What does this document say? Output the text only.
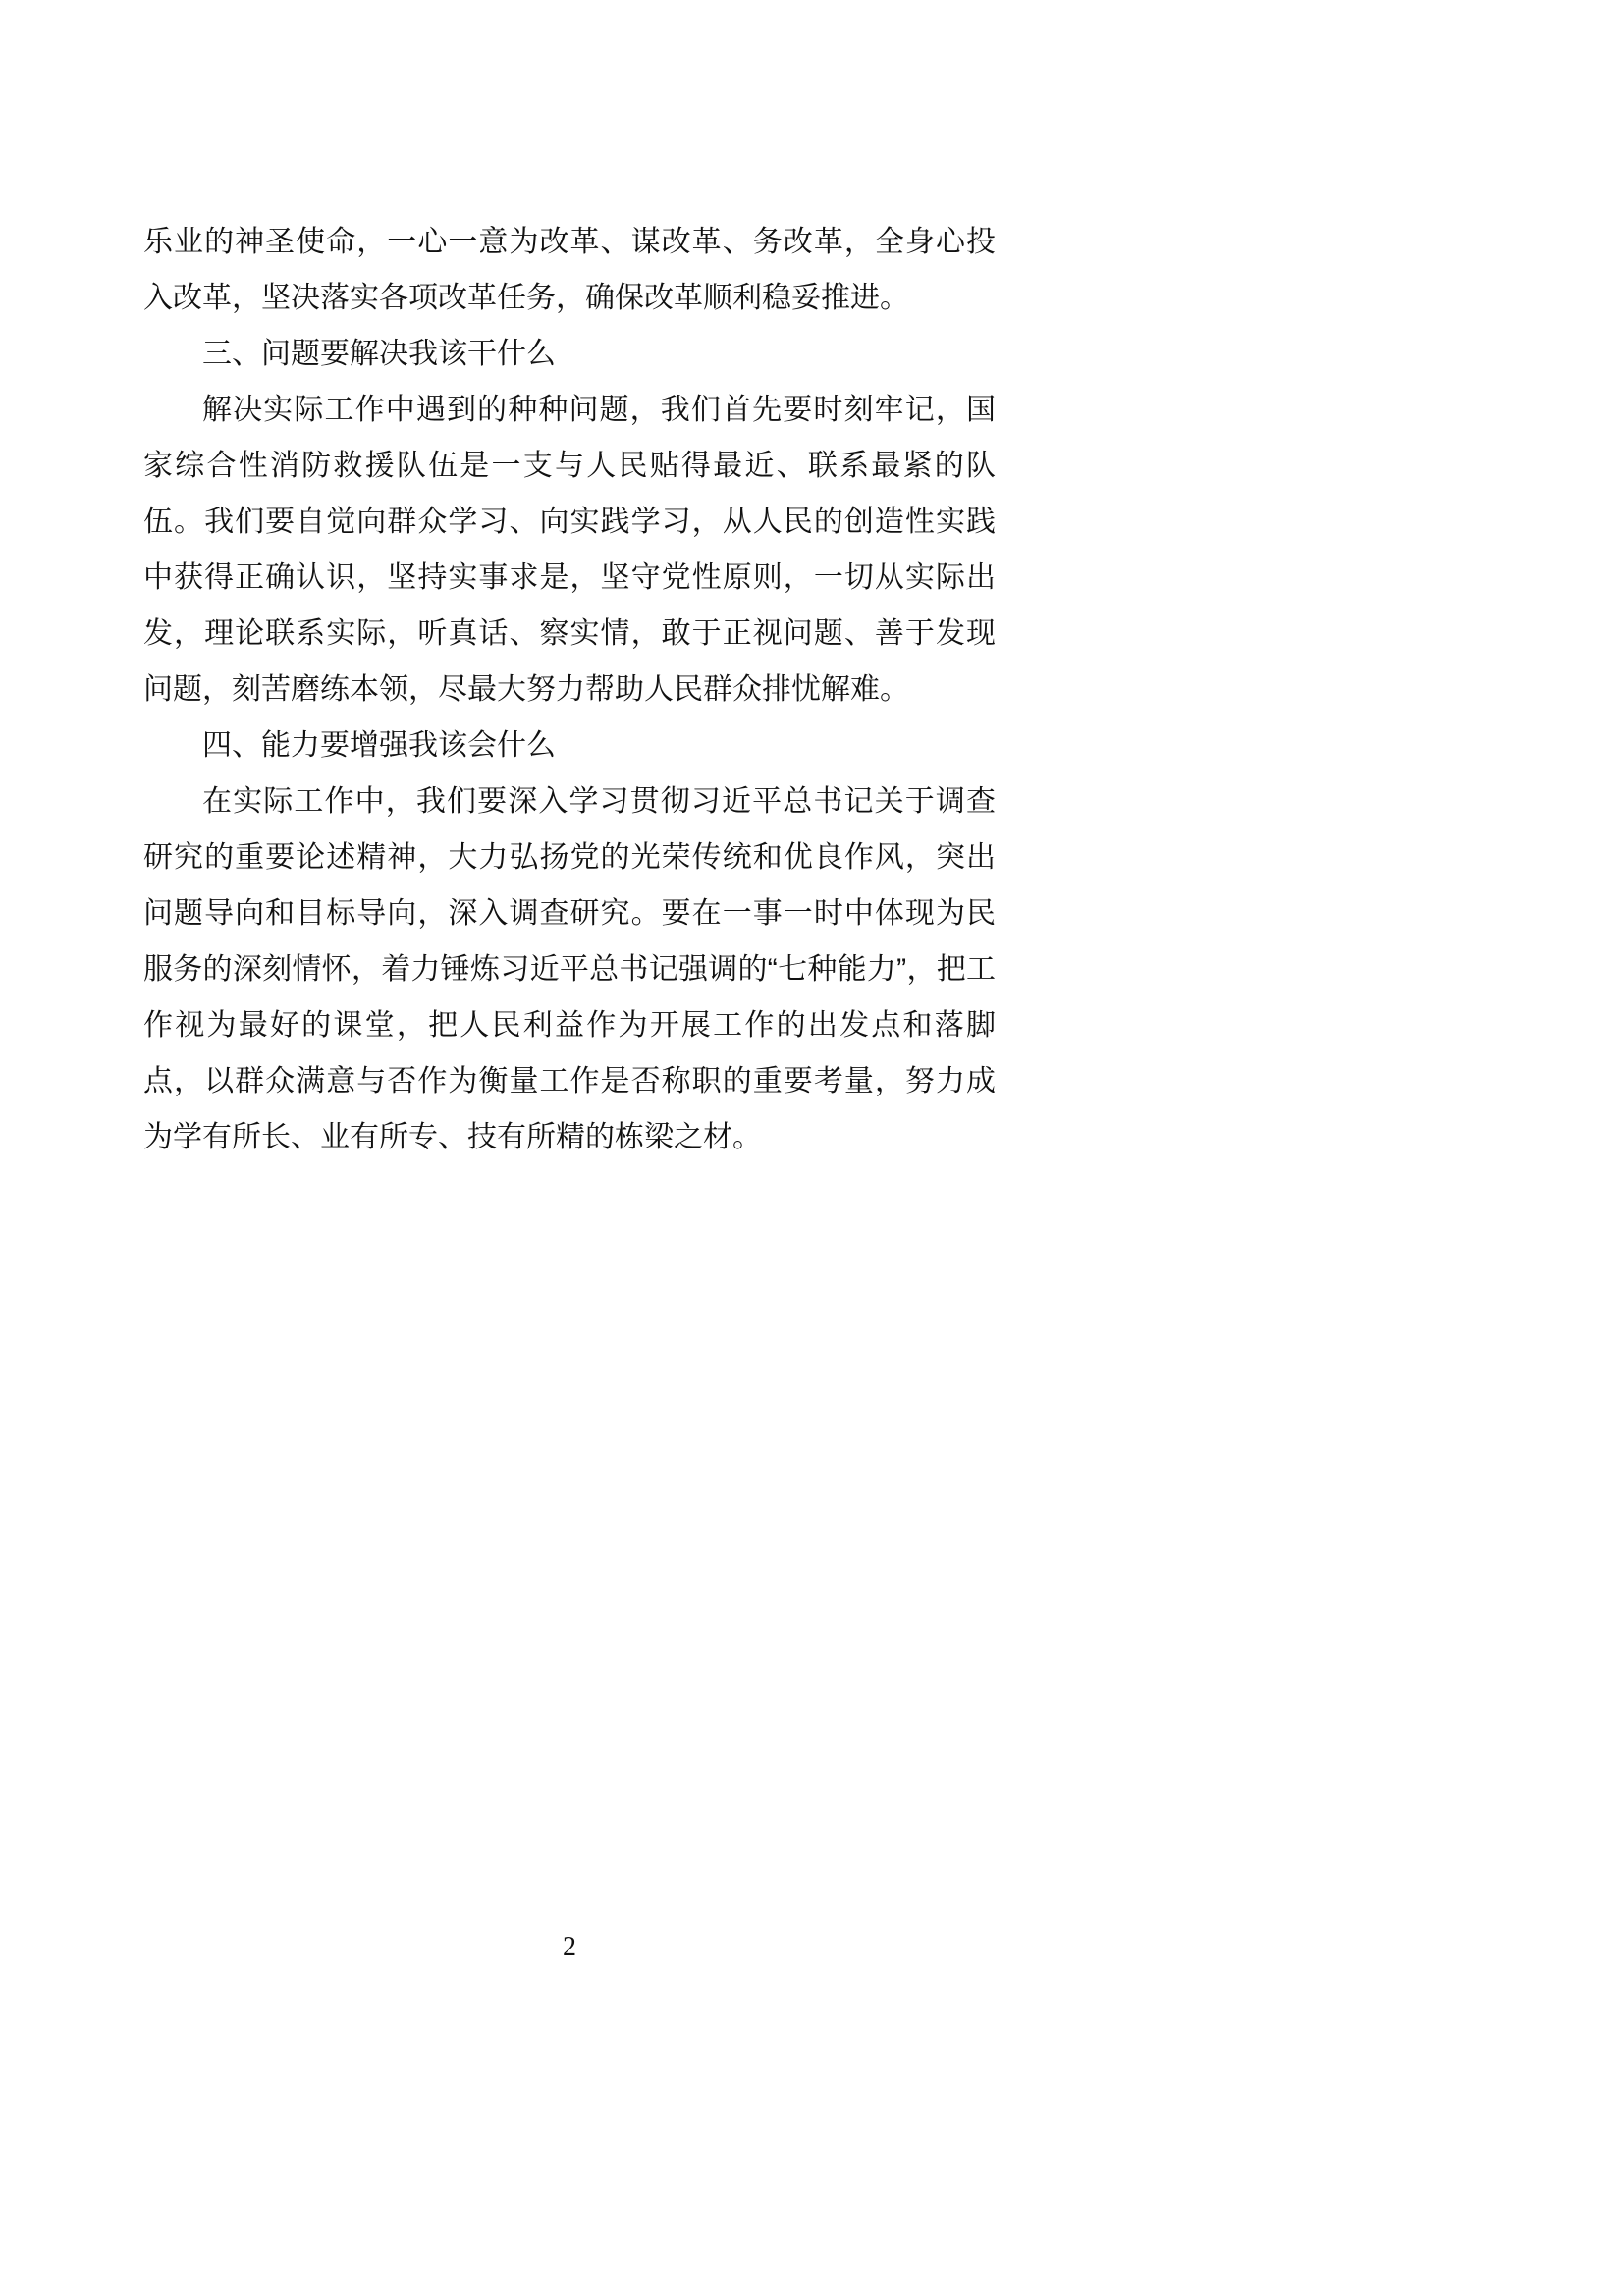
乐业的神圣使命，一心一意为改革、谋改革、务改革，全身心投入改革，坚决落实各项改革任务，确保改革顺利稳妥推进。

三、问题要解决我该干什么

解决实际工作中遇到的种种问题，我们首先要时刻牢记，国家综合性消防救援队伍是一支与人民贴得最近、联系最紧的队伍。我们要自觉向群众学习、向实践学习，从人民的创造性实践中获得正确认识，坚持实事求是，坚守党性原则，一切从实际出发，理论联系实际，听真话、察实情，敢于正视问题、善于发现问题，刻苦磨练本领，尽最大努力帮助人民群众排忧解难。

四、能力要增强我该会什么

在实际工作中，我们要深入学习贯彻习近平总书记关于调查研究的重要论述精神，大力弘扬党的光荣传统和优良作风，突出问题导向和目标导向，深入调查研究。要在一事一时中体现为民服务的深刻情怀，着力锤炼习近平总书记强调的“七种能力”，把工作视为最好的课堂，把人民利益作为开展工作的出发点和落脚点，以群众满意与否作为衡量工作是否称职的重要考量，努力成为学有所长、业有所专、技有所精的栋梁之材。

2
